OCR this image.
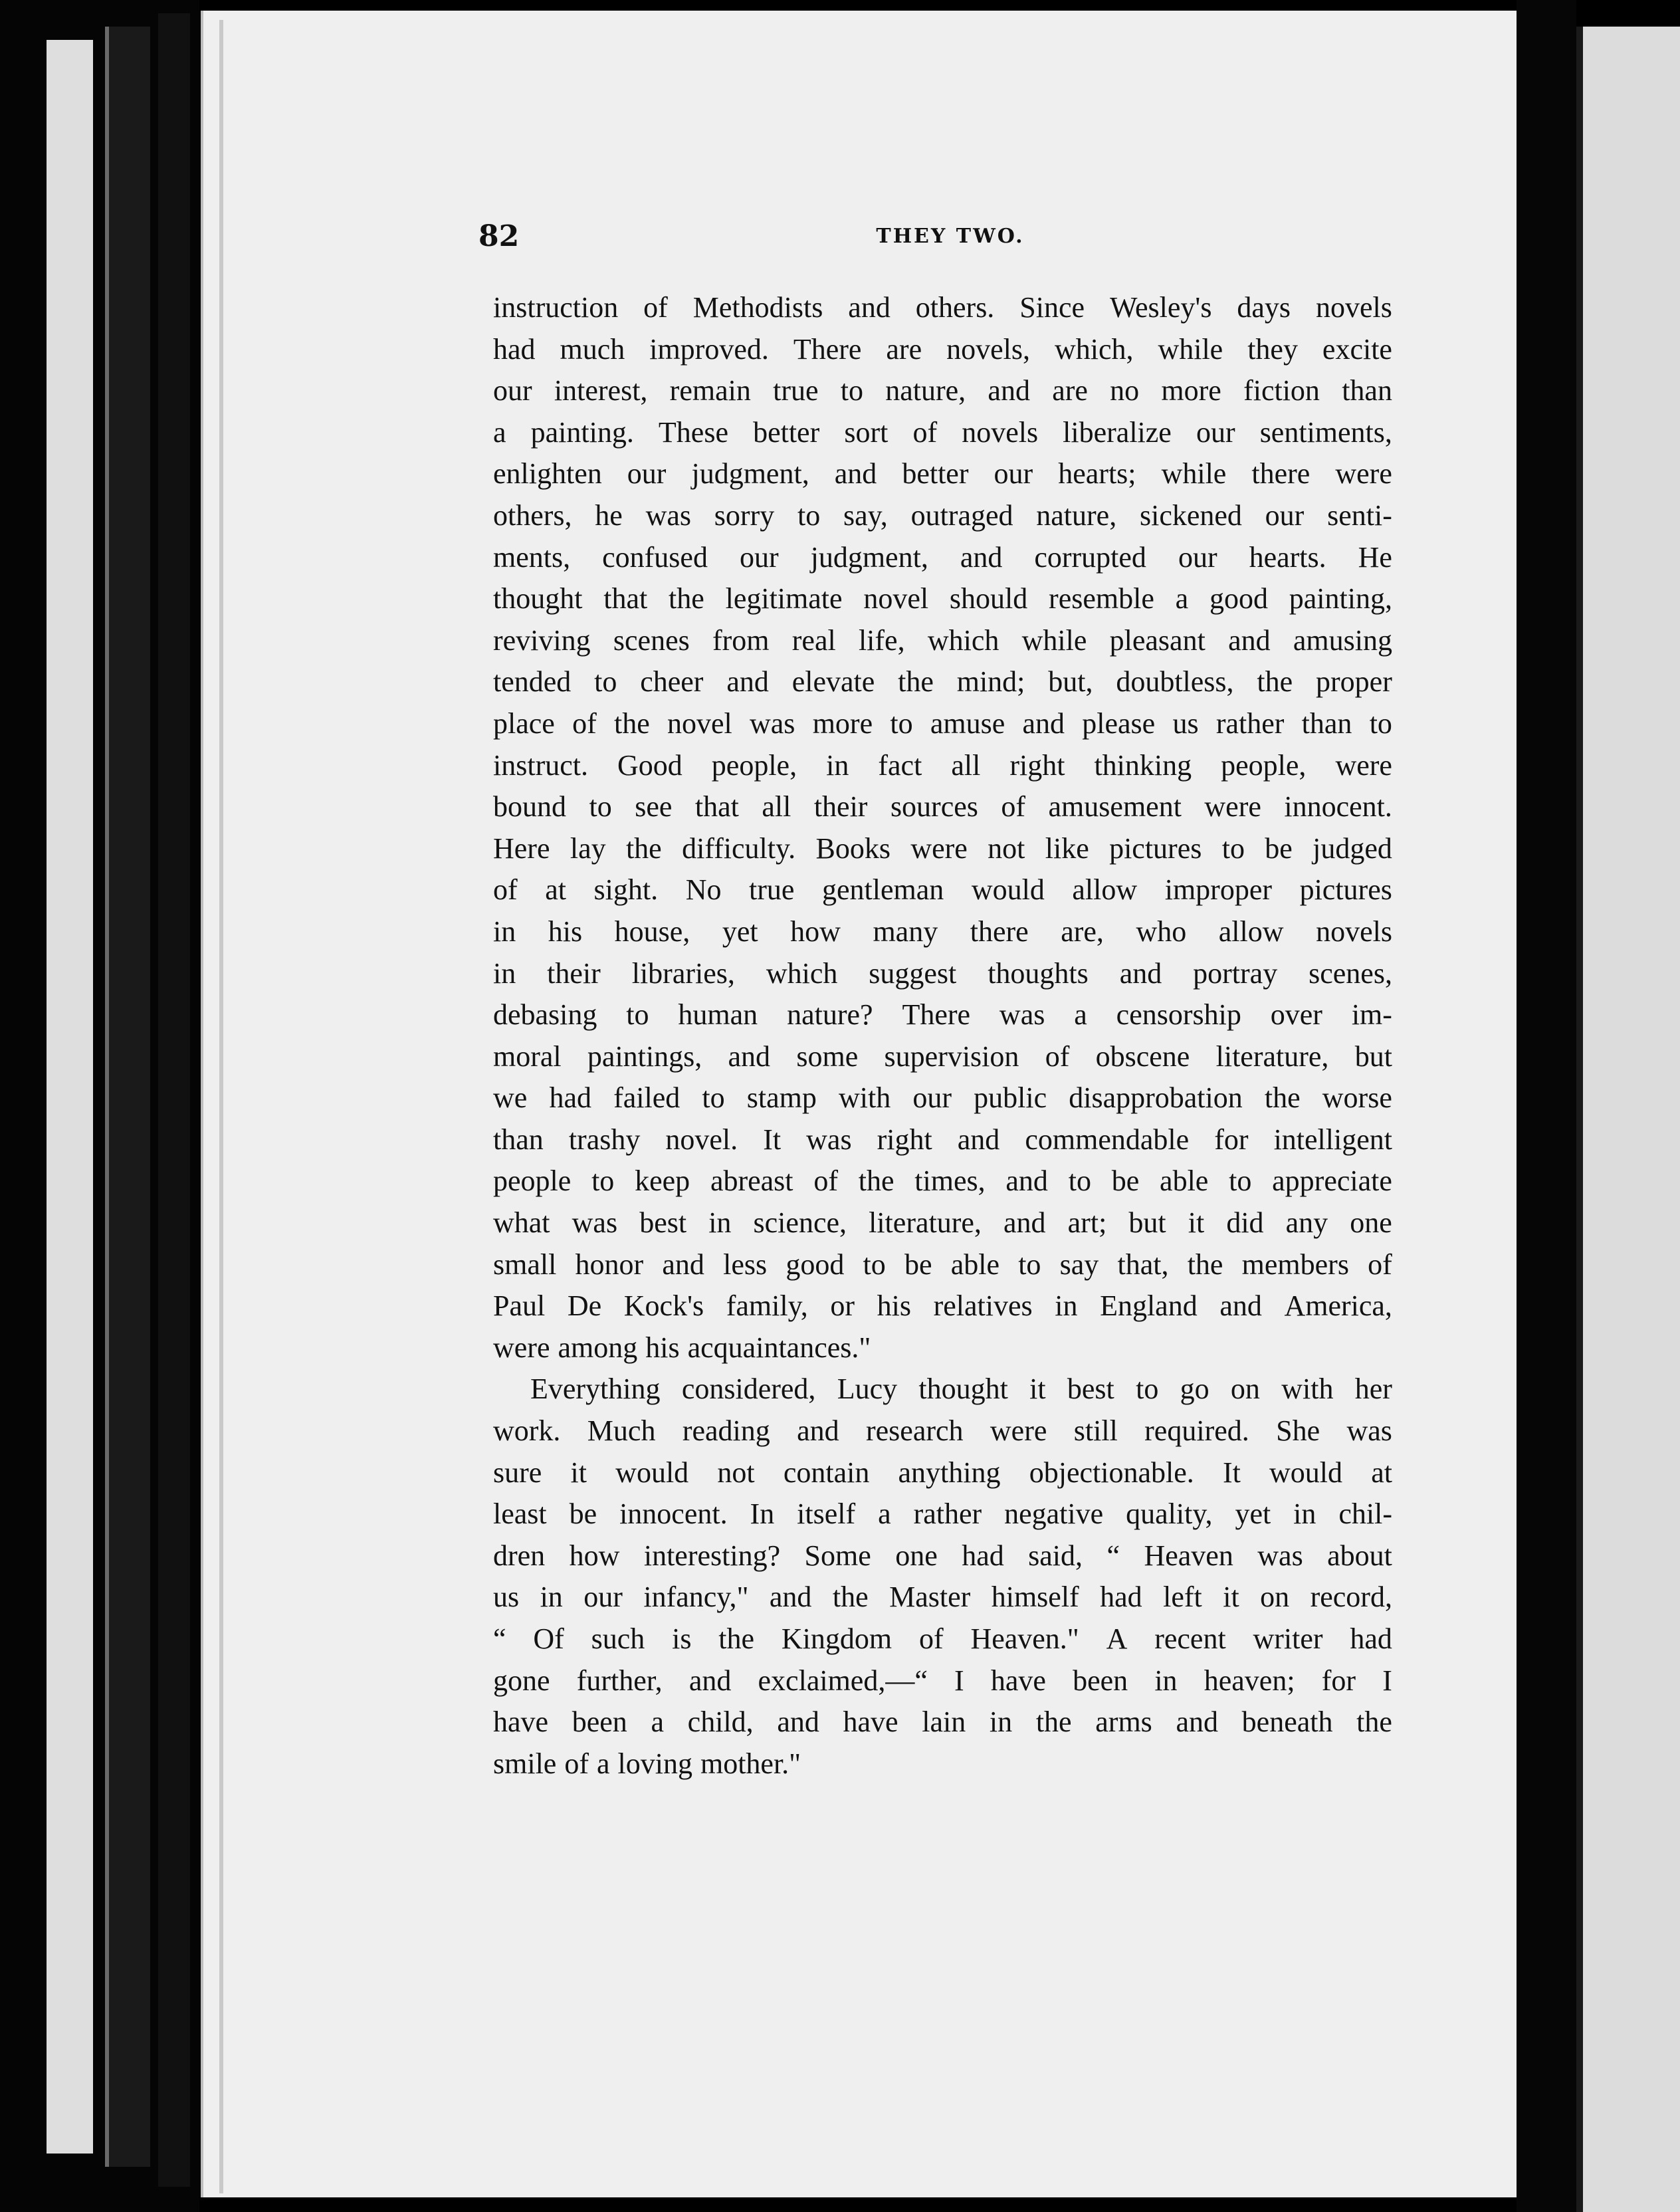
82	THEY TWO.
instruction of Methodists and others. Since Wesley's days novels
had much improved. There are novels, which, while they excite
our interest, remain true to nature, and are no more fiction than
a painting. These better sort of novels liberalize our sentiments,
enlighten our judgment, and better our hearts; while there were
others, he was sorry to say, outraged nature, sickened our senti-
ments, confused our judgment, and corrupted our hearts. He
thought that the legitimate novel should resemble a good painting,
reviving scenes from real life, which while pleasant and amusing
tended to cheer and elevate the mind; but, doubtless, the proper
place of the novel was more to amuse and please us rather than to
instruct. Good people, in fact all right thinking people, were
bound to see that all their sources of amusement were innocent.
Here lay the difficulty. Books were not like pictures to be judged
of at sight. No true gentleman would allow improper pictures
in his house, yet how many there are, who allow novels
in their libraries, which suggest thoughts and portray scenes,
debasing to human nature? There was a censorship over im-
moral paintings, and some supervision of obscene literature, but
we had failed to stamp with our public disapprobation the worse
than trashy novel. It was right and commendable for intelligent
people to keep abreast of the times, and to be able to appreciate
what was best in science, literature, and art; but it did any one
small honor and less good to be able to say that, the members of
Paul De Kock's family, or his relatives in England and America,
were among his acquaintances."
Everything considered, Lucy thought it best to go on with her
work. Much reading and research were still required. She was
sure it would not contain anything objectionable. It would at
least be innocent. In itself a rather negative quality, yet in chil-
dren how interesting? Some one had said, “ Heaven was about
us in our infancy," and the Master himself had left it on record,
“ Of such is the Kingdom of Heaven." A recent writer had
gone further, and exclaimed,—“ I have been in heaven; for I
have been a child, and have lain in the arms and beneath the
smile of a loving mother."
